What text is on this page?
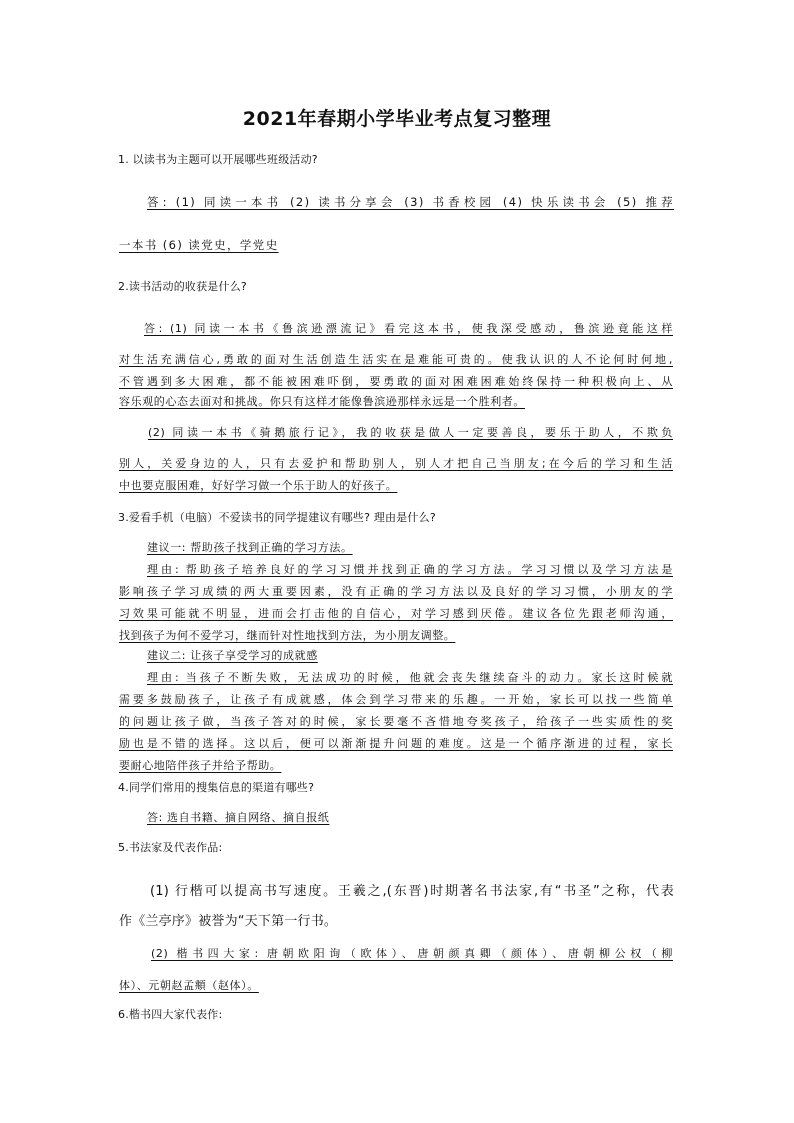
2021年春期小学毕业考点复习整理
1. 以读书为主题可以开展哪些班级活动?
答: (1) 同读一本书 (2) 读书分享会 (3) 书香校园 (4) 快乐读书会 (5) 推荐
一本书 (6) 读党史，学党史
2.读书活动的收获是什么?
答: (1) 同读一本书《鲁滨逊漂流记》看完这本书，使我深受感动，鲁滨逊竟能这样
对生活充满信心,勇敢的面对生活创造生活实在是难能可贵的。使我认识的人不论何时何地,
不管遇到多大困难，都不能被困难吓倒，要勇敢的面对困难困难始终保持一种积极向上、从
容乐观的心态去面对和挑战。你只有这样才能像鲁滨逊那样永远是一个胜利者。
(2) 同读一本书《骑鹅旅行记》，我的收获是做人一定要善良，要乐于助人，不欺负
别人，关爱身边的人，只有去爱护和帮助别人，别人才把自己当朋友;在今后的学习和生活
中也要克服困难，好好学习做一个乐于助人的好孩子。
3.爱看手机（电脑）不爱读书的同学提建议有哪些? 理由是什么?
建议一: 帮助孩子找到正确的学习方法。
理由: 帮助孩子培养良好的学习习惯并找到正确的学习方法。学习习惯以及学习方法是
影响孩子学习成绩的两大重要因素，没有正确的学习方法以及良好的学习习惯，小朋友的学
习效果可能就不明显，进而会打击他的自信心，对学习感到厌倦。建议各位先跟老师沟通，
找到孩子为何不爱学习，继而针对性地找到方法，为小朋友调整。
建议二: 让孩子享受学习的成就感
理由: 当孩子不断失败，无法成功的时候，他就会丧失继续奋斗的动力。家长这时候就
需要多鼓励孩子，让孩子有成就感，体会到学习带来的乐趣。一开始，家长可以找一些简单
的问题让孩子做，当孩子答对的时候，家长要毫不吝惜地夸奖孩子，给孩子一些实质性的奖
励也是不错的选择。这以后，便可以渐渐提升问题的难度。这是一个循序渐进的过程，家长
要耐心地陪伴孩子并给予帮助。
4.同学们常用的搜集信息的渠道有哪些?
答: 选自书籍、摘自网络、摘自报纸
5.书法家及代表作品:
(1) 行楷可以提高书写速度。王羲之,(东晋)时期著名书法家,有“书圣”之称，代表
作《兰亭序》被誉为“天下第一行书。
(2) 楷书四大家: 唐朝欧阳询（欧体）、唐朝颜真卿（颜体）、唐朝柳公权（柳
体）、元朝赵孟頫（赵体）。
6.楷书四大家代表作:
